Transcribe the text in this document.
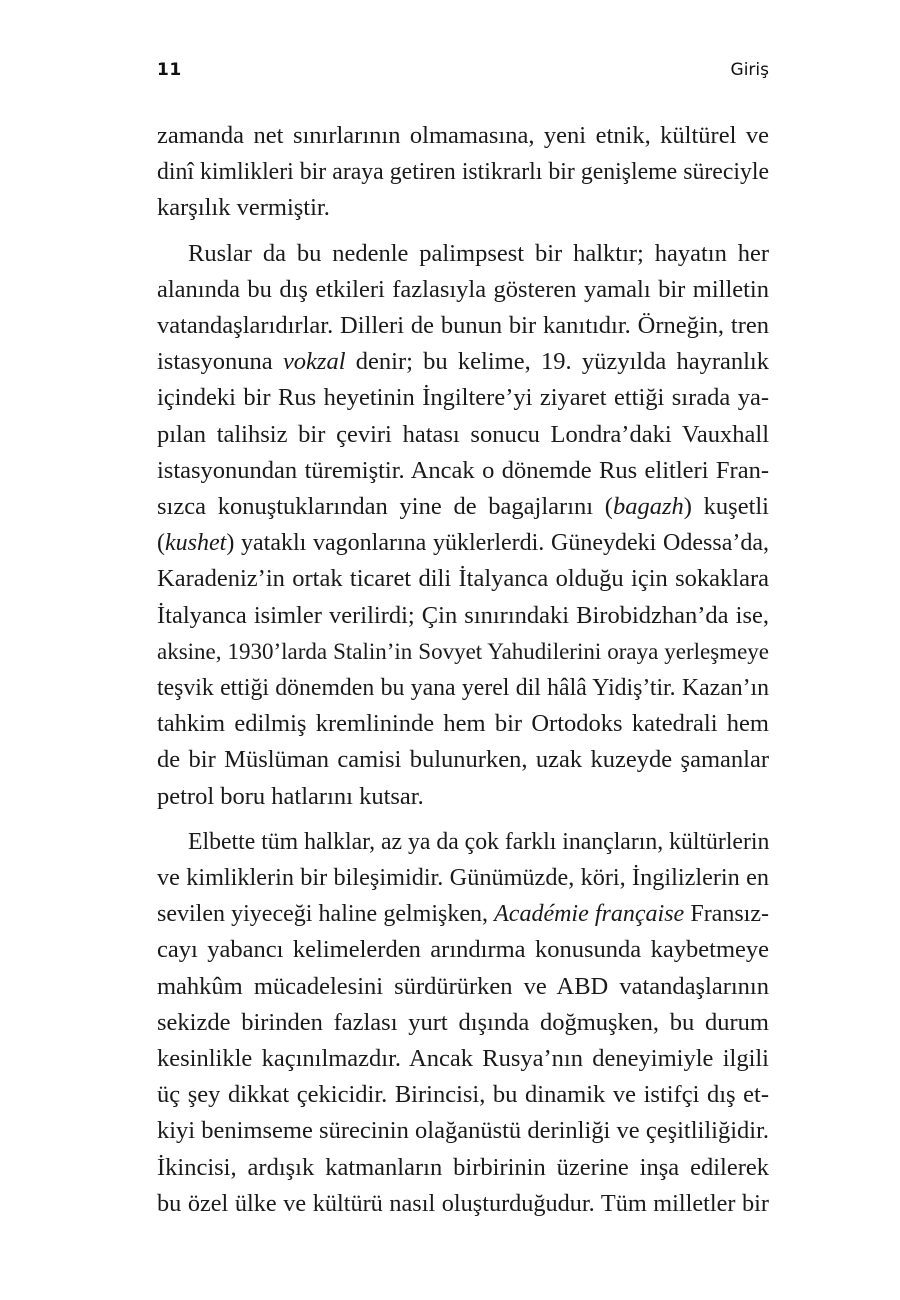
11	Giriş

zamanda net sınırlarının olmamasına, yeni etnik, kültürel ve
dinî kimlikleri bir araya getiren istikrarlı bir genişleme süreciyle
karşılık vermiştir.

Ruslar da bu nedenle palimpsest bir halktır; hayatın her
alanında bu dış etkileri fazlasıyla gösteren yamalı bir milletin
vatandaşlarıdırlar. Dilleri de bunun bir kanıtıdır. Örneğin, tren
istasyonuna vokzal denir; bu kelime, 19. yüzyılda hayranlık
içindeki bir Rus heyetinin İngiltere’yi ziyaret ettiği sırada ya-
pılan talihsiz bir çeviri hatası sonucu Londra’daki Vauxhall
istasyonundan türemiştir. Ancak o dönemde Rus elitleri Fran-
sızca konuştuklarından yine de bagajlarını (bagazh) kuşetli
(kushet) yataklı vagonlarına yüklerlerdi. Güneydeki Odessa’da,
Karadeniz’in ortak ticaret dili İtalyanca olduğu için sokaklara
İtalyanca isimler verilirdi; Çin sınırındaki Birobidzhan’da ise,
aksine, 1930’larda Stalin’in Sovyet Yahudilerini oraya yerleşmeye
teşvik ettiği dönemden bu yana yerel dil hâlâ Yidiş’tir. Kazan’ın
tahkim edilmiş kremlininde hem bir Ortodoks katedrali hem
de bir Müslüman camisi bulunurken, uzak kuzeyde şamanlar
petrol boru hatlarını kutsar.

Elbette tüm halklar, az ya da çok farklı inançların, kültürlerin
ve kimliklerin bir bileşimidir. Günümüzde, köri, İngilizlerin en
sevilen yiyeceği haline gelmişken, Académie française Fransız-
cayı yabancı kelimelerden arındırma konusunda kaybetmeye
mahkûm mücadelesini sürdürürken ve ABD vatandaşlarının
sekizde birinden fazlası yurt dışında doğmuşken, bu durum
kesinlikle kaçınılmazdır. Ancak Rusya’nın deneyimiyle ilgili
üç şey dikkat çekicidir. Birincisi, bu dinamik ve istifçi dış et-
kiyi benimseme sürecinin olağanüstü derinliği ve çeşitliliğidir.
İkincisi, ardışık katmanların birbirinin üzerine inşa edilerek
bu özel ülke ve kültürü nasıl oluşturduğudur. Tüm milletler bir
